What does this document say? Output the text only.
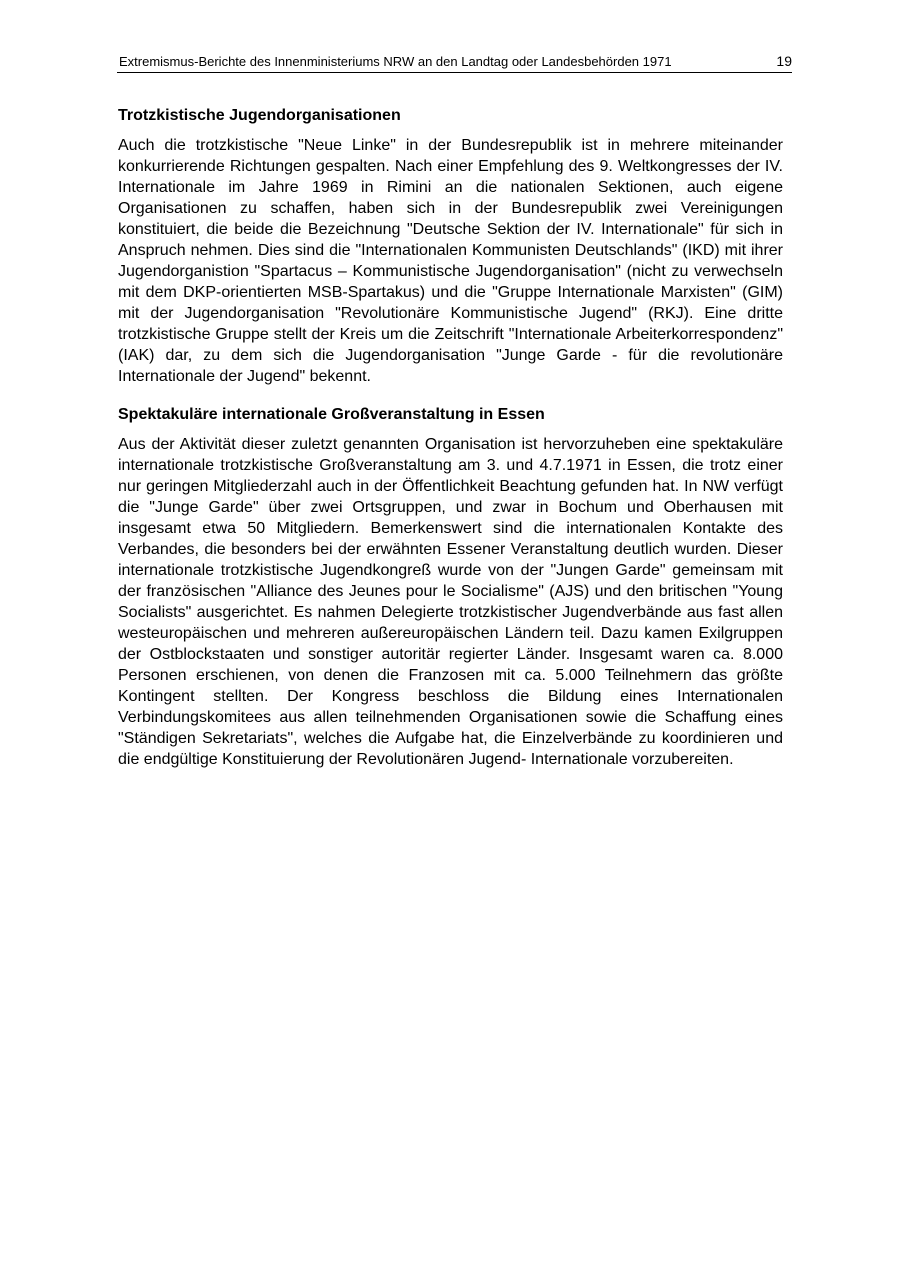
Extremismus-Berichte des Innenministeriums NRW an den Landtag oder Landesbehörden 1971	19
Trotzkistische Jugendorganisationen

Auch die trotzkistische "Neue Linke" in der Bundesrepublik ist in mehrere miteinander konkurrierende Richtungen gespalten. Nach einer Empfehlung des 9. Weltkongresses der IV. Internationale im Jahre 1969 in Rimini an die nationalen Sektionen, auch eigene Organisationen zu schaffen, haben sich in der Bundesrepublik zwei Vereinigungen konstituiert, die beide die Bezeichnung "Deutsche Sektion der IV. Internationale" für sich in Anspruch nehmen. Dies sind die "Internationalen Kommunisten Deutschlands" (IKD) mit ihrer Jugendorganistion "Spartacus – Kommunistische Jugendorganisation" (nicht zu verwechseln mit dem DKP-orientierten MSB-Spartakus) und die "Gruppe Internationale Marxisten" (GIM) mit der Jugendorganisation "Revolutionäre Kommunistische Jugend" (RKJ). Eine dritte trotzkistische Gruppe stellt der Kreis um die Zeitschrift "Internationale Arbeiterkorrespondenz" (IAK) dar, zu dem sich die Jugendorganisation "Junge Garde - für die revolutionäre Internationale der Jugend" bekennt.

Spektakuläre internationale Großveranstaltung in Essen

Aus der Aktivität dieser zuletzt genannten Organisation ist hervorzuheben eine spektakuläre internationale trotzkistische Großveranstaltung am 3. und 4.7.1971 in Essen, die trotz einer nur geringen Mitgliederzahl auch in der Öffentlichkeit Beachtung gefunden hat. In NW verfügt die "Junge Garde" über zwei Ortsgruppen, und zwar in Bochum und Oberhausen mit insgesamt etwa 50 Mitgliedern. Bemerkenswert sind die internationalen Kontakte des Verbandes, die besonders bei der erwähnten Essener Veranstaltung deutlich wurden. Dieser internationale trotzkistische Jugendkongreß wurde von der "Jungen Garde" gemeinsam mit der französischen "Alliance des Jeunes pour le Socialisme" (AJS) und den britischen "Young Socialists" ausgerichtet. Es nahmen Delegierte trotzkistischer Jugendverbände aus fast allen westeuropäischen und mehreren außereuropäischen Ländern teil. Dazu kamen Exilgruppen der Ostblockstaaten und sonstiger autoritär regierter Länder. Insgesamt waren ca. 8.000 Personen erschienen, von denen die Franzosen mit ca. 5.000 Teilnehmern das größte Kontingent stellten. Der Kongress beschloss die Bildung eines Internationalen Verbindungskomitees aus allen teilnehmenden Organisationen sowie die Schaffung eines "Ständigen Sekretariats", welches die Aufgabe hat, die Einzelverbände zu koordinieren und die endgültige Konstituierung der Revolutionären Jugend- Internationale vorzubereiten.
